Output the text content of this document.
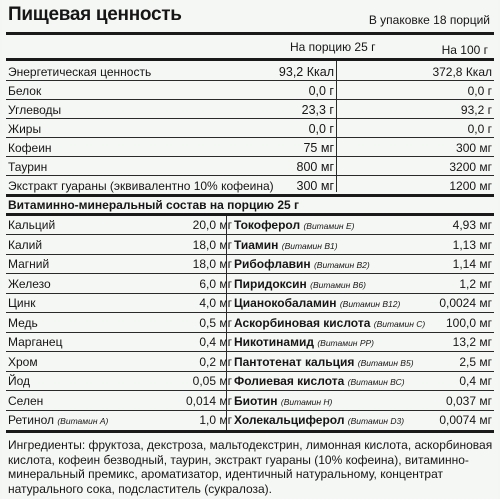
Пищевая ценность	В упаковке 18 порций
На порцию 25 г	На 100 г
Энергетическая ценность	93,2 Ккал	372,8 Ккал
Белок	0,0 г	0,0 г
Углеводы	23,3 г	93,2 г
Жиры	0,0 г	0,0 г
Кофеин	75 мг	300 мг
Таурин	800 мг	3200 мг
Экстракт гуараны (эквивалентно 10% кофеина) 300 мг	1200 мг
Витаминно-минеральный состав на порцию 25 г
Кальций	20,0 мг Токоферол (Витамин E)	4,93 мг
Калий	18,0 мг Тиамин (Витамин В1)	1,13 мг
Магний	18,0 мг Рибофлавин (Витамин В2)	1,14 мг
Железо	6,0 мг Пиридоксин (Витамин В6)	1,2 мг
Цинк	4,0 мг Цианокобаламин (Витамин В12)	0,0024 мг
Медь	0,5 мг Аскорбиновая кислота (Витамин С) 100,0 мг
Марганец	0,4 мг Никотинамид (Витамин PP)	13,2 мг
Хром	0,2 мг Пантотенат кальция (Витамин В5)	2,5 мг
Йод	0,05 мг Фолиевая кислота (Витамин ВС)	0,4 мг
Селен	0,014 мг Биотин (Витамин Н)	0,037 мг
Ретинол (Витамин А)	1,0 мг Холекальциферол (Витамин D3)	0,0074 мг
Ингредиенты: фруктоза, декстроза, мальтодекстрин, лимонная кислота, аскорбиновая кислота, кофеин безводный, таурин, экстракт гуараны (10% кофеина), витаминно-минеральный премикс, ароматизатор, идентичный натуральному, концентрат натурального сока, подсластитель (сукралоза).
